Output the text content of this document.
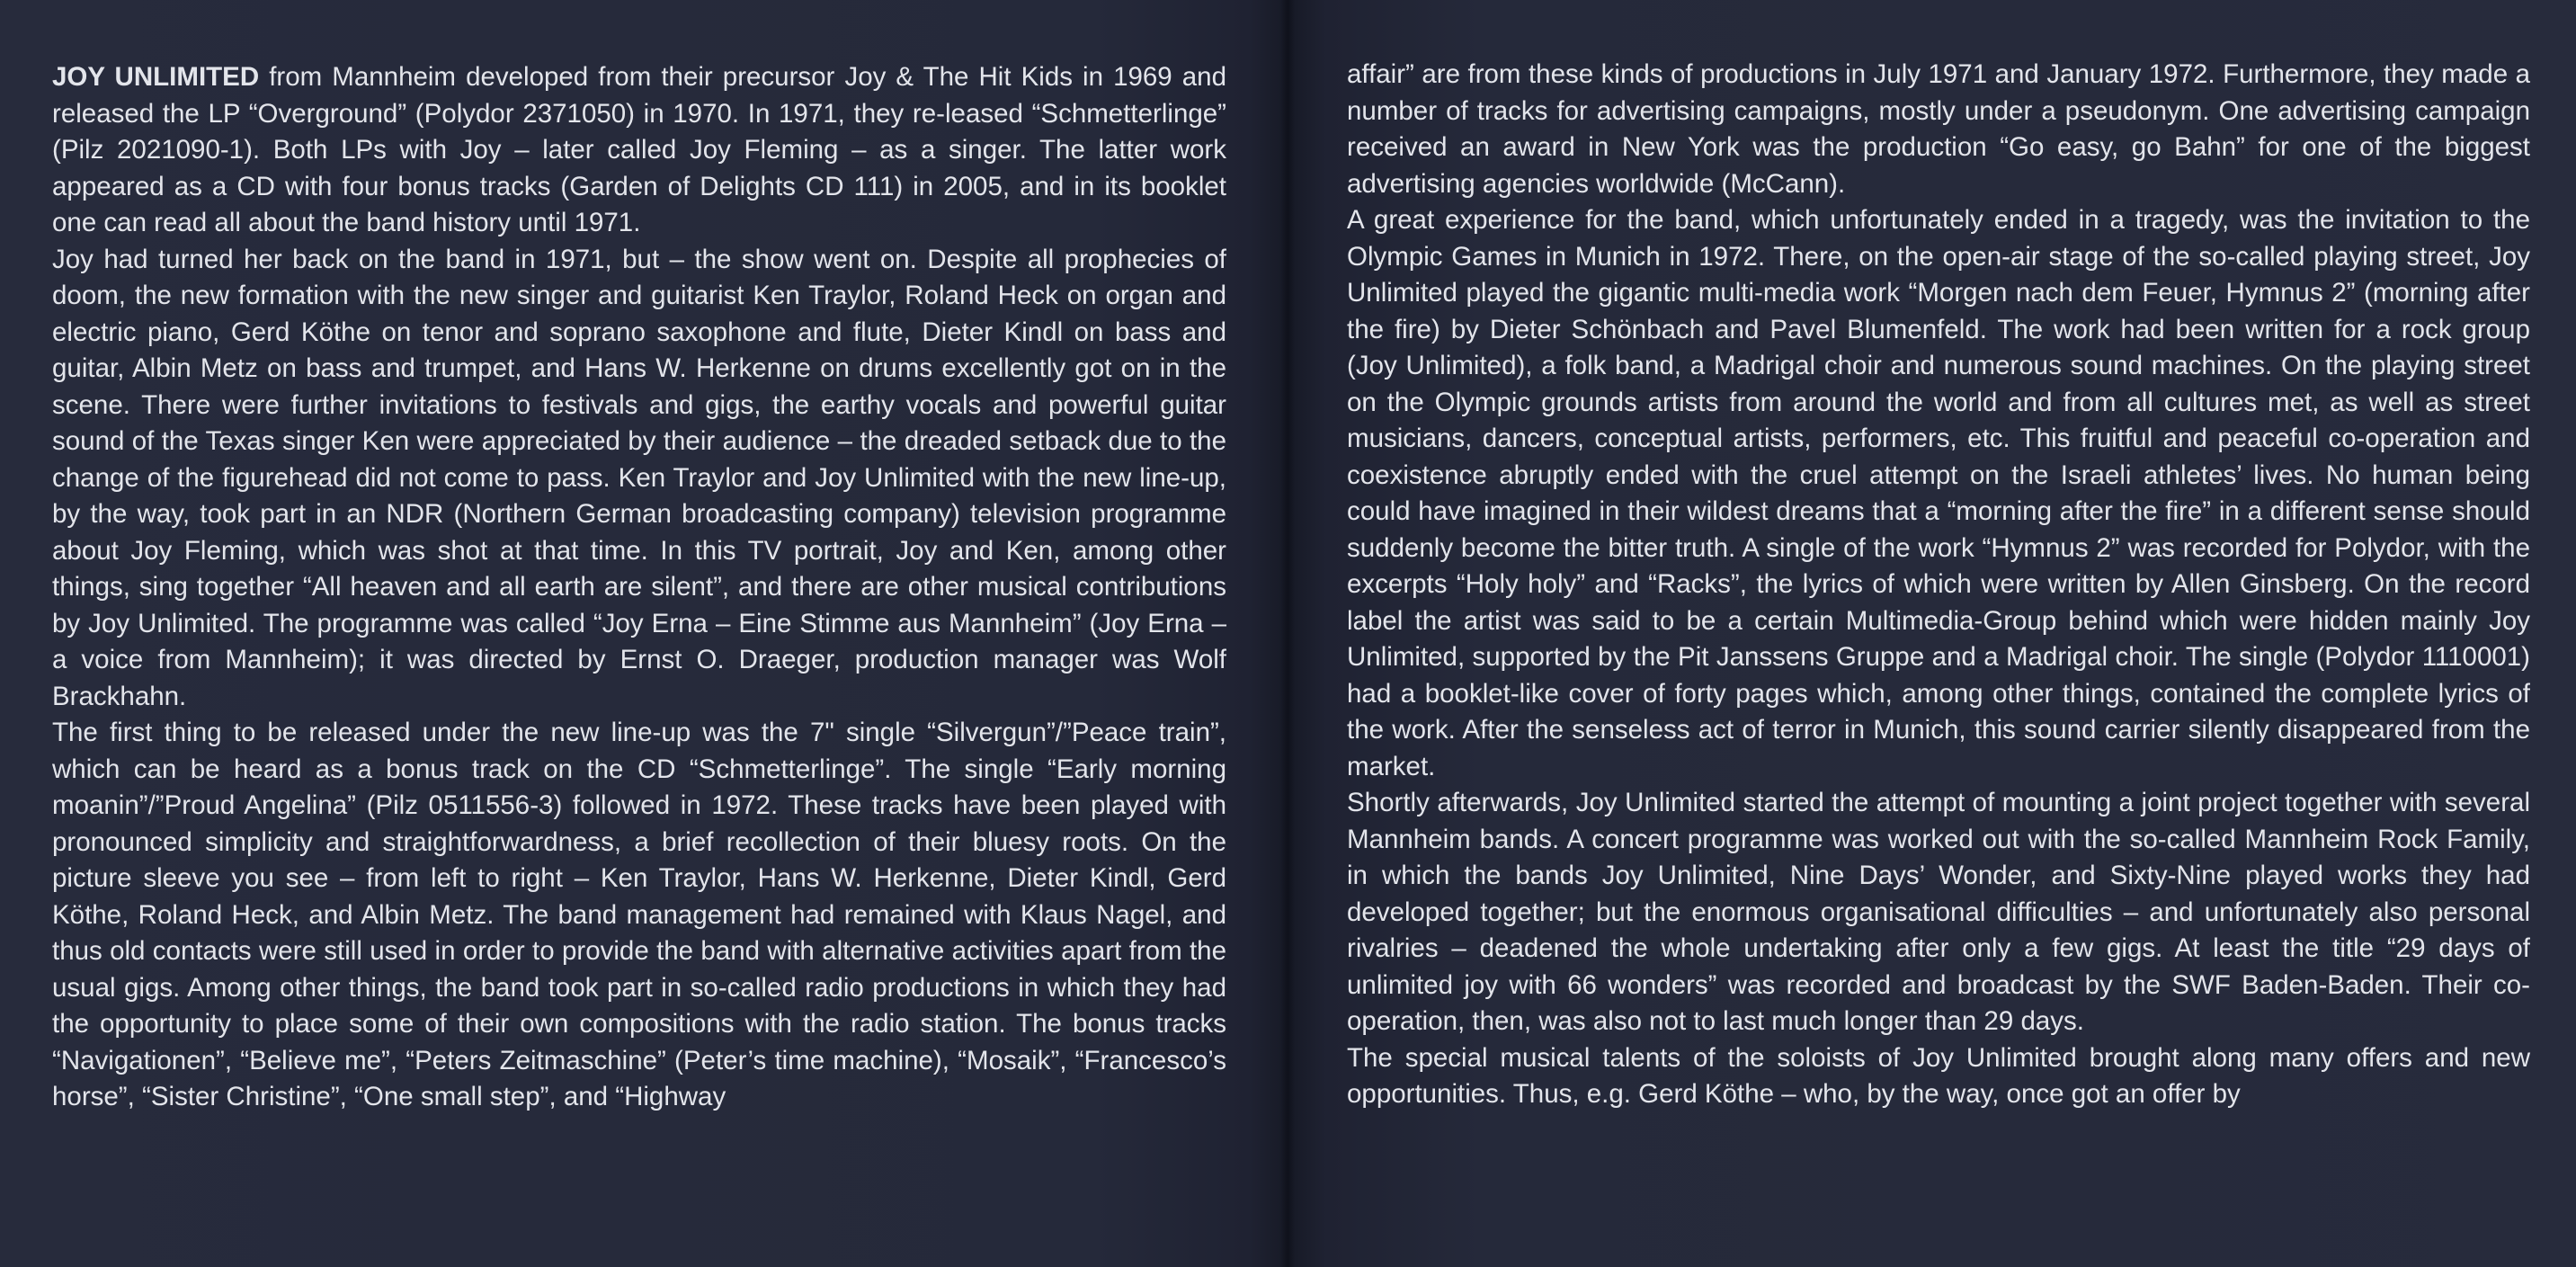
JOY UNLIMITED from Mannheim developed from their precursor Joy & The Hit Kids in 1969 and released the LP “Overground” (Polydor 2371050) in 1970. In 1971, they re-leased “Schmetterlinge” (Pilz 2021090-1). Both LPs with Joy – later called Joy Fleming – as a singer. The latter work appeared as a CD with four bonus tracks (Garden of Delights CD 111) in 2005, and in its booklet one can read all about the band history until 1971.

Joy had turned her back on the band in 1971, but – the show went on. Despite all prophecies of doom, the new formation with the new singer and guitarist Ken Traylor, Roland Heck on organ and electric piano, Gerd Köthe on tenor and soprano saxophone and flute, Dieter Kindl on bass and guitar, Albin Metz on bass and trumpet, and Hans W. Herkenne on drums excellently got on in the scene. There were further invitations to festivals and gigs, the earthy vocals and powerful guitar sound of the Texas singer Ken were appreciated by their audience – the dreaded setback due to the change of the figurehead did not come to pass. Ken Traylor and Joy Unlimited with the new line-up, by the way, took part in an NDR (Northern German broadcasting company) television programme about Joy Fleming, which was shot at that time. In this TV portrait, Joy and Ken, among other things, sing together “All heaven and all earth are silent”, and there are other musical contributions by Joy Unlimited. The programme was called “Joy Erna – Eine Stimme aus Mannheim” (Joy Erna – a voice from Mannheim); it was directed by Ernst O. Draeger, production manager was Wolf Brackhahn.

The first thing to be released under the new line-up was the 7" single “Silvergun”/”Peace train”, which can be heard as a bonus track on the CD “Schmetterlinge”. The single “Early morning moanin”/”Proud Angelina” (Pilz 0511556-3) followed in 1972. These tracks have been played with pronounced simplicity and straightforwardness, a brief recollection of their bluesy roots. On the picture sleeve you see – from left to right – Ken Traylor, Hans W. Herkenne, Dieter Kindl, Gerd Köthe, Roland Heck, and Albin Metz. The band management had remained with Klaus Nagel, and thus old contacts were still used in order to provide the band with alternative activities apart from the usual gigs. Among other things, the band took part in so-called radio productions in which they had the opportunity to place some of their own compositions with the radio station. The bonus tracks “Navigationen”, “Believe me”, “Peters Zeitmaschine” (Peter’s time machine), “Mosaik”, “Francesco’s horse”, “Sister Christine”, “One small step”, and “Highway

affair” are from these kinds of productions in July 1971 and January 1972. Furthermore, they made a number of tracks for advertising campaigns, mostly under a pseudonym. One advertising campaign received an award in New York was the production “Go easy, go Bahn” for one of the biggest advertising agencies worldwide (McCann).

A great experience for the band, which unfortunately ended in a tragedy, was the invitation to the Olympic Games in Munich in 1972. There, on the open-air stage of the so-called playing street, Joy Unlimited played the gigantic multi-media work “Morgen nach dem Feuer, Hymnus 2” (morning after the fire) by Dieter Schönbach and Pavel Blumenfeld. The work had been written for a rock group (Joy Unlimited), a folk band, a Madrigal choir and numerous sound machines. On the playing street on the Olympic grounds artists from around the world and from all cultures met, as well as street musicians, dancers, conceptual artists, performers, etc. This fruitful and peaceful co-operation and coexistence abruptly ended with the cruel attempt on the Israeli athletes’ lives. No human being could have imagined in their wildest dreams that a “morning after the fire” in a different sense should suddenly become the bitter truth. A single of the work “Hymnus 2” was recorded for Polydor, with the excerpts “Holy holy” and “Racks”, the lyrics of which were written by Allen Ginsberg. On the record label the artist was said to be a certain Multimedia-Group behind which were hidden mainly Joy Unlimited, supported by the Pit Janssens Gruppe and a Madrigal choir. The single (Polydor 1110001) had a booklet-like cover of forty pages which, among other things, contained the complete lyrics of the work. After the senseless act of terror in Munich, this sound carrier silently disappeared from the market.

Shortly afterwards, Joy Unlimited started the attempt of mounting a joint project together with several Mannheim bands. A concert programme was worked out with the so-called Mannheim Rock Family, in which the bands Joy Unlimited, Nine Days’ Wonder, and Sixty-Nine played works they had developed together; but the enormous organisational difficulties – and unfortunately also personal rivalries – deadened the whole undertaking after only a few gigs. At least the title “29 days of unlimited joy with 66 wonders” was recorded and broadcast by the SWF Baden-Baden. Their co-operation, then, was also not to last much longer than 29 days.

The special musical talents of the soloists of Joy Unlimited brought along many offers and new opportunities. Thus, e.g. Gerd Köthe – who, by the way, once got an offer by
